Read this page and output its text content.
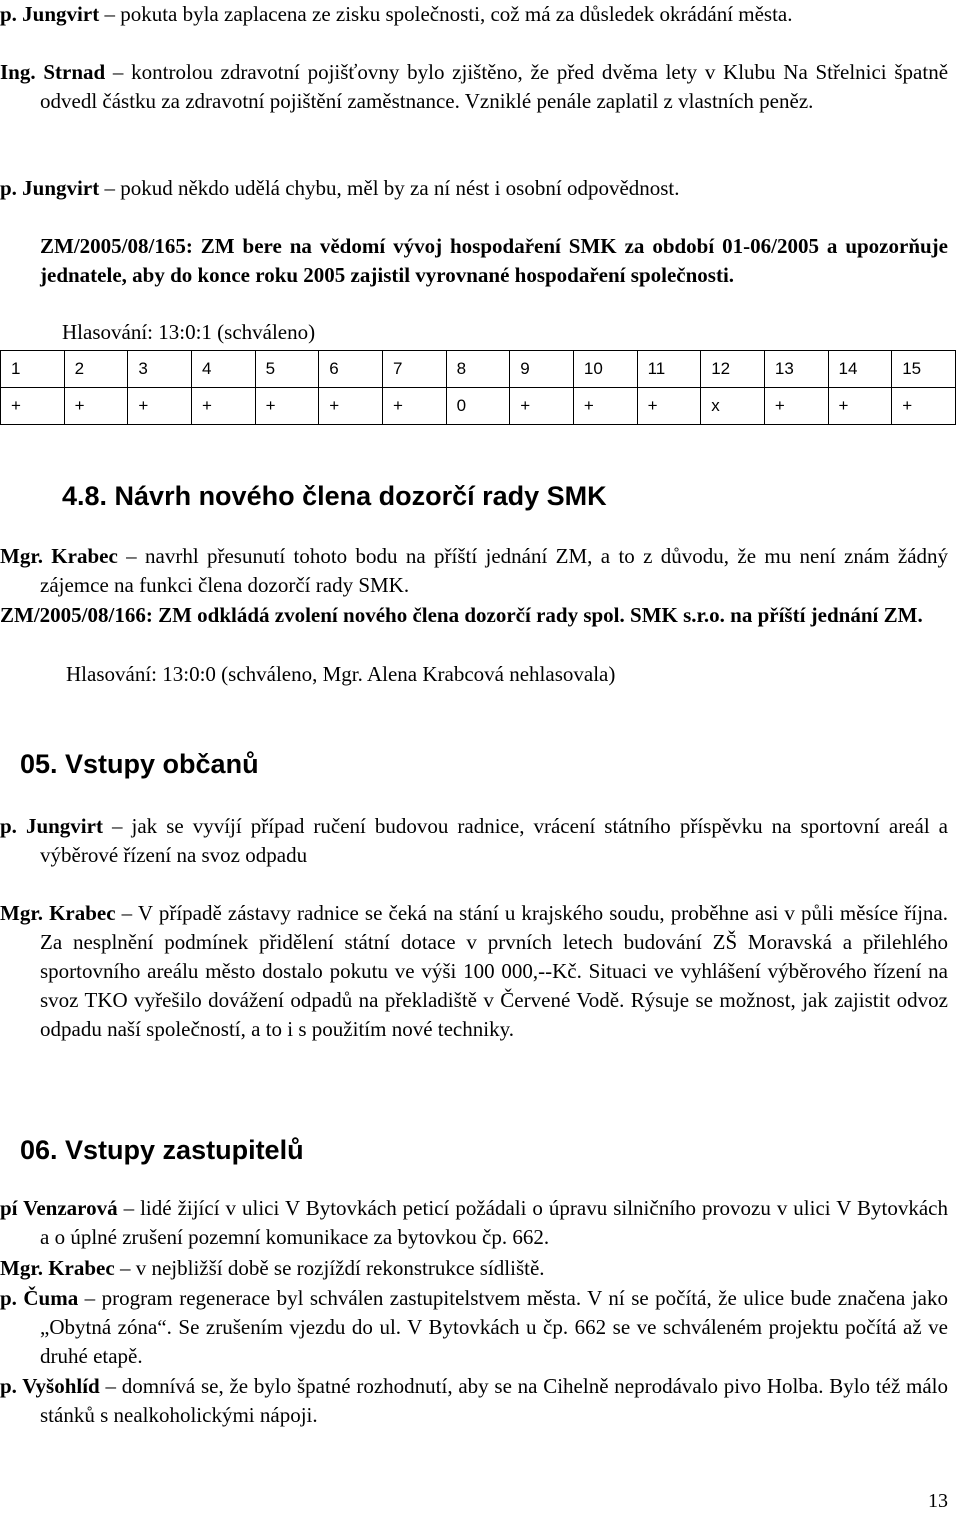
p. Jungvirt – pokuta byla zaplacena ze zisku společnosti, což má za důsledek okrádání města.
Ing. Strnad – kontrolou zdravotní pojišťovny bylo zjištěno, že před dvěma lety v Klubu Na Střelnici špatně odvedl částku za zdravotní pojištění zaměstnance. Vzniklé penále zaplatil z vlastních peněz.
p. Jungvirt – pokud někdo udělá chybu, měl by za ní nést i osobní odpovědnost.
ZM/2005/08/165: ZM bere na vědomí vývoj hospodaření SMK za období 01-06/2005 a upozorňuje jednatele, aby do konce roku 2005 zajistil vyrovnané hospodaření společnosti.
Hlasování: 13:0:1 (schváleno)
1	2	3	4	5	6	7	8	9	10	11	12	13	14	15
+	+	+	+	+	+	+	0	+	+	+	x	+	+	+
4.8. Návrh nového člena dozorčí rady SMK
Mgr. Krabec – navrhl přesunutí tohoto bodu na příští jednání ZM, a to z důvodu, že mu není znám žádný zájemce na funkci člena dozorčí rady SMK.
ZM/2005/08/166: ZM odkládá zvolení nového člena dozorčí rady spol. SMK s.r.o. na příští jednání ZM.
Hlasování: 13:0:0 (schváleno, Mgr. Alena Krabcová nehlasovala)
05. Vstupy občanů
p. Jungvirt – jak se vyvíjí případ ručení budovou radnice, vrácení státního příspěvku na sportovní areál a výběrové řízení na svoz odpadu
Mgr. Krabec – V případě zástavy radnice se čeká na stání u krajského soudu, proběhne asi v půli měsíce října. Za nesplnění podmínek přidělení státní dotace v prvních letech budování ZŠ Moravská a přilehlého sportovního areálu město dostalo pokutu ve výši 100 000,--Kč. Situaci ve vyhlášení výběrového řízení na svoz TKO vyřešilo dovážení odpadů na překladiště v Červené Vodě. Rýsuje se možnost, jak zajistit odvoz odpadu naší společností, a to i s použitím nové techniky.
06. Vstupy zastupitelů
pí Venzarová – lidé žijící v ulici V Bytovkách peticí požádali o úpravu silničního provozu v ulici V Bytovkách a o úplné zrušení pozemní komunikace za bytovkou čp. 662.
Mgr. Krabec – v nejbližší době se rozjíždí rekonstrukce sídliště.
p. Čuma – program regenerace byl schválen zastupitelstvem města. V ní se počítá, že ulice bude značena jako „Obytná zóna“. Se zrušením vjezdu do ul. V Bytovkách u čp. 662 se ve schváleném projektu počítá až ve druhé etapě.
p. Vyšohlíd – domnívá se, že bylo špatné rozhodnutí, aby se na Cihelně neprodávalo pivo Holba. Bylo též málo stánků s nealkoholickými nápoji.
13
